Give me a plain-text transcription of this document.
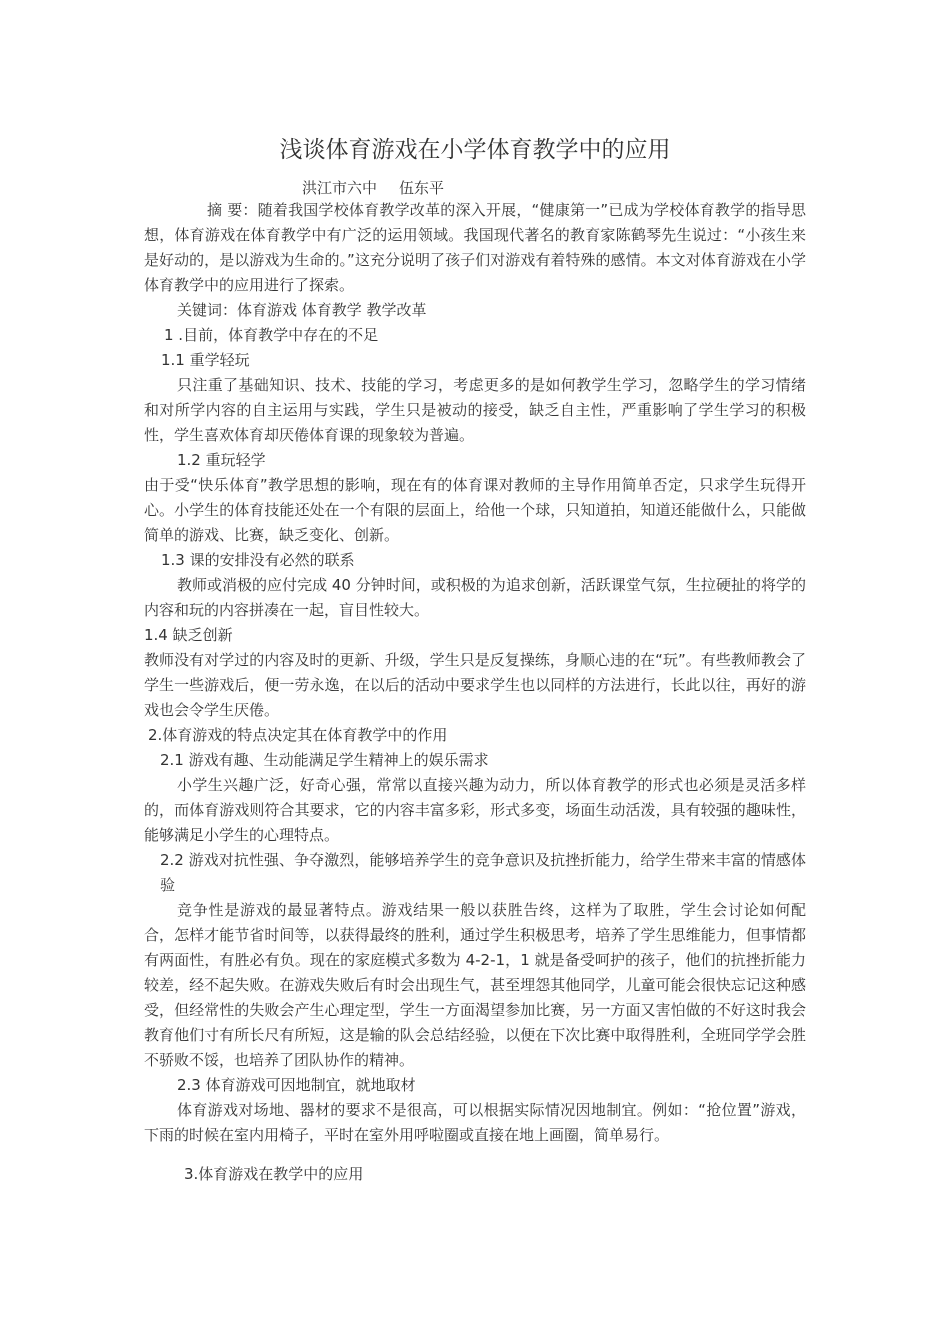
浅谈体育游戏在小学体育教学中的应用
洪江市六中 伍东平

摘 要：随着我国学校体育教学改革的深入开展，“健康第一”已成为学校体育教学的指导思想，体育游戏在体育教学中有广泛的运用领域。我国现代著名的教育家陈鹤琴先生说过：“小孩生来是好动的，是以游戏为生命的。”这充分说明了孩子们对游戏有着特殊的感情。本文对体育游戏在小学体育教学中的应用进行了探索。

关键词：体育游戏 体育教学 教学改革

1 .目前，体育教学中存在的不足

1.1 重学轻玩

只注重了基础知识、技术、技能的学习，考虑更多的是如何教学生学习，忽略学生的学习情绪和对所学内容的自主运用与实践，学生只是被动的接受，缺乏自主性，严重影响了学生学习的积极性，学生喜欢体育却厌倦体育课的现象较为普遍。

1.2 重玩轻学

由于受“快乐体育”教学思想的影响，现在有的体育课对教师的主导作用简单否定，只求学生玩得开心。小学生的体育技能还处在一个有限的层面上，给他一个球，只知道拍，知道还能做什么，只能做简单的游戏、比赛，缺乏变化、创新。

1.3 课的安排没有必然的联系

教师或消极的应付完成 40 分钟时间，或积极的为追求创新，活跃课堂气氛，生拉硬扯的将学的内容和玩的内容拼凑在一起，盲目性较大。

1.4 缺乏创新

教师没有对学过的内容及时的更新、升级，学生只是反复操练，身顺心违的在“玩”。有些教师教会了学生一些游戏后，便一劳永逸，在以后的活动中要求学生也以同样的方法进行，长此以往，再好的游戏也会令学生厌倦。

2.体育游戏的特点决定其在体育教学中的作用

2.1 游戏有趣、生动能满足学生精神上的娱乐需求

小学生兴趣广泛，好奇心强，常常以直接兴趣为动力，所以体育教学的形式也必须是灵活多样的，而体育游戏则符合其要求，它的内容丰富多彩，形式多变，场面生动活泼，具有较强的趣味性，能够满足小学生的心理特点。

2.2 游戏对抗性强、争夺激烈，能够培养学生的竞争意识及抗挫折能力，给学生带来丰富的情感体验

竞争性是游戏的最显著特点。游戏结果一般以获胜告终，这样为了取胜，学生会讨论如何配合，怎样才能节省时间等，以获得最终的胜利，通过学生积极思考，培养了学生思维能力，但事情都有两面性，有胜必有负。现在的家庭模式多数为 4-2-1，1 就是备受呵护的孩子，他们的抗挫折能力较差，经不起失败。在游戏失败后有时会出现生气，甚至埋怨其他同学，儿童可能会很快忘记这种感受，但经常性的失败会产生心理定型，学生一方面渴望参加比赛，另一方面又害怕做的不好这时我会教育他们寸有所长尺有所短，这是输的队会总结经验，以便在下次比赛中取得胜利，全班同学学会胜不骄败不馁，也培养了团队协作的精神。

2.3 体育游戏可因地制宜，就地取材

体育游戏对场地、器材的要求不是很高，可以根据实际情况因地制宜。例如：“抢位置”游戏，下雨的时候在室内用椅子，平时在室外用呼啦圈或直接在地上画圈，简单易行。

3.体育游戏在教学中的应用
